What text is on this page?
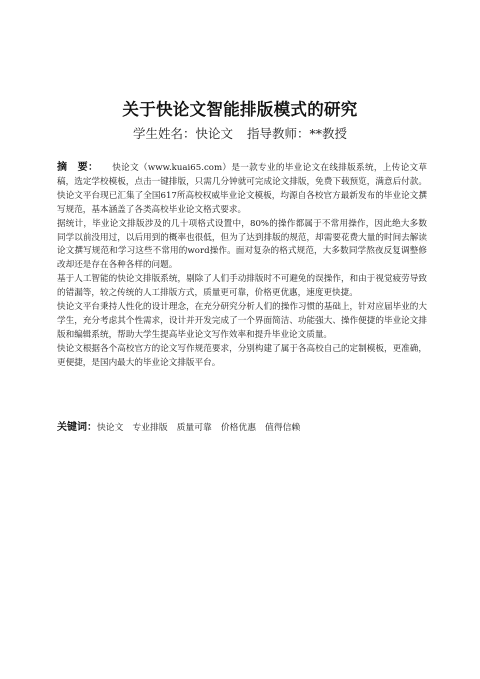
关于快论文智能排版模式的研究
学生姓名：快论文 指导教师：**教授

摘　要： 快论文（www.kuai65.com）是一款专业的毕业论文在线排版系统，上传论文草稿，选定学校模板，点击一键排版，只需几分钟就可完成论文排版，免费下载预览，满意后付款。快论文平台现已汇集了全国617所高校权威毕业论文模板，均源自各校官方最新发布的毕业论文撰写规范，基本涵盖了各类高校毕业论文格式要求。

据统计，毕业论文排版涉及的几十项格式设置中，80%的操作都属于不常用操作，因此绝大多数同学以前没用过，以后用到的概率也很低，但为了达到排版的规范，却需要花费大量的时间去解读论文撰写规范和学习这些不常用的word操作。面对复杂的格式规范，大多数同学熬夜反复调整修改却还是存在各种各样的问题。

基于人工智能的快论文排版系统，剔除了人们手动排版时不可避免的误操作，和由于视觉疲劳导致的错漏等，较之传统的人工排版方式，质量更可靠，价格更优惠，速度更快捷。

快论文平台秉持人性化的设计理念，在充分研究分析人们的操作习惯的基础上，针对应届毕业的大学生，充分考虑其个性需求，设计并开发完成了一个界面简洁、功能强大、操作便捷的毕业论文排版和编辑系统，帮助大学生提高毕业论文写作效率和提升毕业论文质量。

快论文根据各个高校官方的论文写作规范要求，分别构建了属于各高校自己的定制模板，更准确，更便捷，是国内最大的毕业论文排版平台。

关键词：快论文 专业排版 质量可靠 价格优惠 值得信赖
